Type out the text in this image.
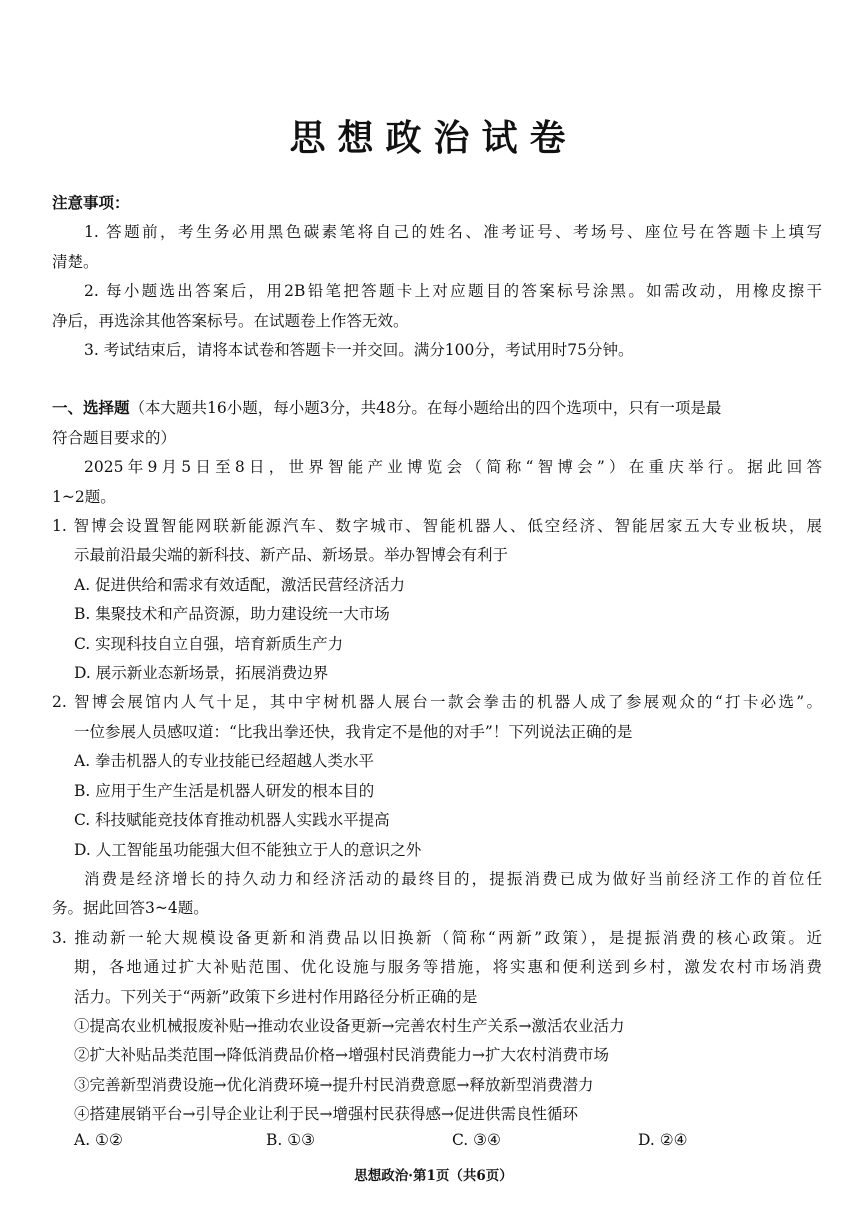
思想政治试卷
注意事项：
1. 答题前，考生务必用黑色碳素笔将自己的姓名、准考证号、考场号、座位号在答题卡上填写
清楚。
2. 每小题选出答案后，用2B铅笔把答题卡上对应题目的答案标号涂黑。如需改动，用橡皮擦干
净后，再选涂其他答案标号。在试题卷上作答无效。
3. 考试结束后，请将本试卷和答题卡一并交回。满分100分，考试用时75分钟。
一、选择题（本大题共16小题，每小题3分，共48分。在每小题给出的四个选项中，只有一项是最
符合题目要求的）
2025年9月5日至8日，世界智能产业博览会（简称“智博会”）在重庆举行。据此回答
1~2题。
1. 智博会设置智能网联新能源汽车、数字城市、智能机器人、低空经济、智能居家五大专业板块，展
示最前沿最尖端的新科技、新产品、新场景。举办智博会有利于
A. 促进供给和需求有效适配，激活民营经济活力
B. 集聚技术和产品资源，助力建设统一大市场
C. 实现科技自立自强，培育新质生产力
D. 展示新业态新场景，拓展消费边界
2. 智博会展馆内人气十足，其中宇树机器人展台一款会拳击的机器人成了参展观众的“打卡必选”。
一位参展人员感叹道：“比我出拳还快，我肯定不是他的对手”！下列说法正确的是
A. 拳击机器人的专业技能已经超越人类水平
B. 应用于生产生活是机器人研发的根本目的
C. 科技赋能竞技体育推动机器人实践水平提高
D. 人工智能虽功能强大但不能独立于人的意识之外
消费是经济增长的持久动力和经济活动的最终目的，提振消费已成为做好当前经济工作的首位任
务。据此回答3~4题。
3. 推动新一轮大规模设备更新和消费品以旧换新（简称“两新”政策），是提振消费的核心政策。近
期，各地通过扩大补贴范围、优化设施与服务等措施，将实惠和便利送到乡村，激发农村市场消费
活力。下列关于“两新”政策下乡进村作用路径分析正确的是
①提高农业机械报废补贴→推动农业设备更新→完善农村生产关系→激活农业活力
②扩大补贴品类范围→降低消费品价格→增强村民消费能力→扩大农村消费市场
③完善新型消费设施→优化消费环境→提升村民消费意愿→释放新型消费潜力
④搭建展销平台→引导企业让利于民→增强村民获得感→促进供需良性循环
A. ①②	B. ①③	C. ③④	D. ②④
思想政治·第1页（共6页）
